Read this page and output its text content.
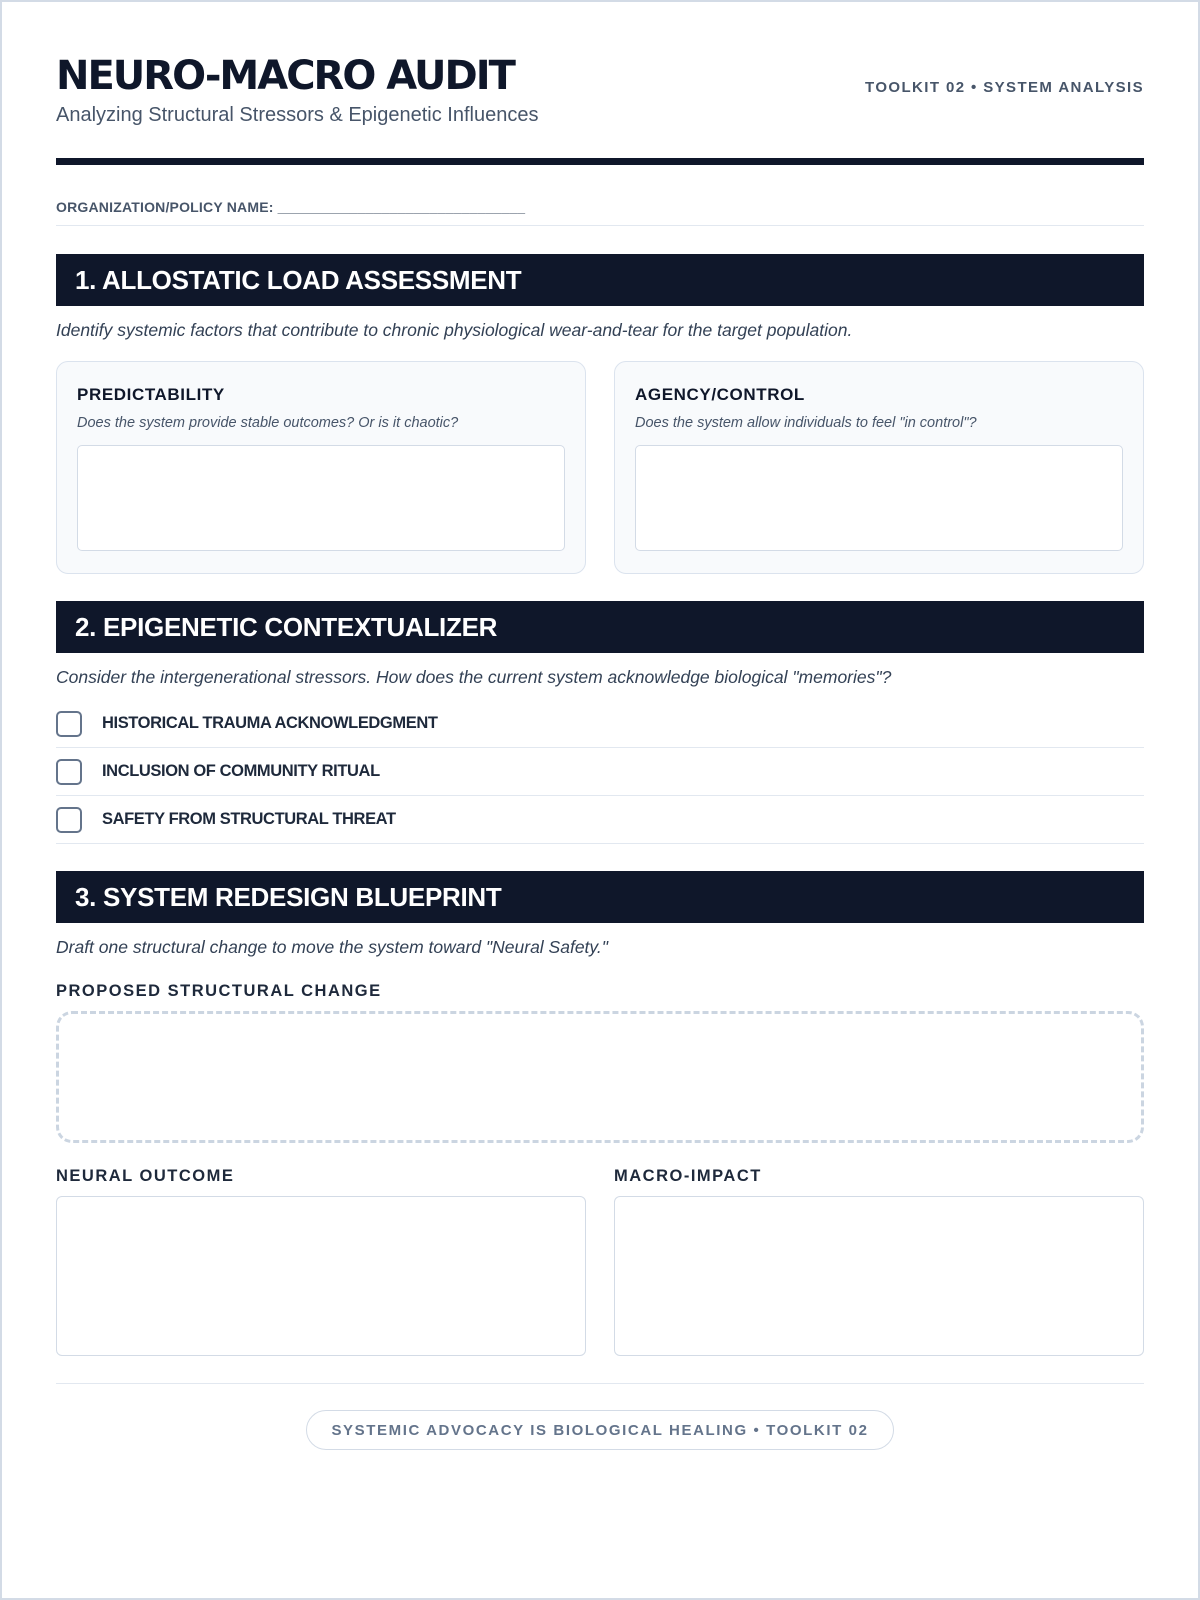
NEURO-MACRO AUDIT
Analyzing Structural Stressors & Epigenetic Influences
TOOLKIT 02 • SYSTEM ANALYSIS
ORGANIZATION/POLICY NAME: _______________________________
1. ALLOSTATIC LOAD ASSESSMENT
Identify systemic factors that contribute to chronic physiological wear-and-tear for the target population.
PREDICTABILITY
Does the system provide stable outcomes? Or is it chaotic?
AGENCY/CONTROL
Does the system allow individuals to feel "in control"?
2. EPIGENETIC CONTEXTUALIZER
Consider the intergenerational stressors. How does the current system acknowledge biological "memories"?
HISTORICAL TRAUMA ACKNOWLEDGMENT
INCLUSION OF COMMUNITY RITUAL
SAFETY FROM STRUCTURAL THREAT
3. SYSTEM REDESIGN BLUEPRINT
Draft one structural change to move the system toward "Neural Safety."
PROPOSED STRUCTURAL CHANGE
NEURAL OUTCOME	MACRO-IMPACT
SYSTEMIC ADVOCACY IS BIOLOGICAL HEALING • TOOLKIT 02
